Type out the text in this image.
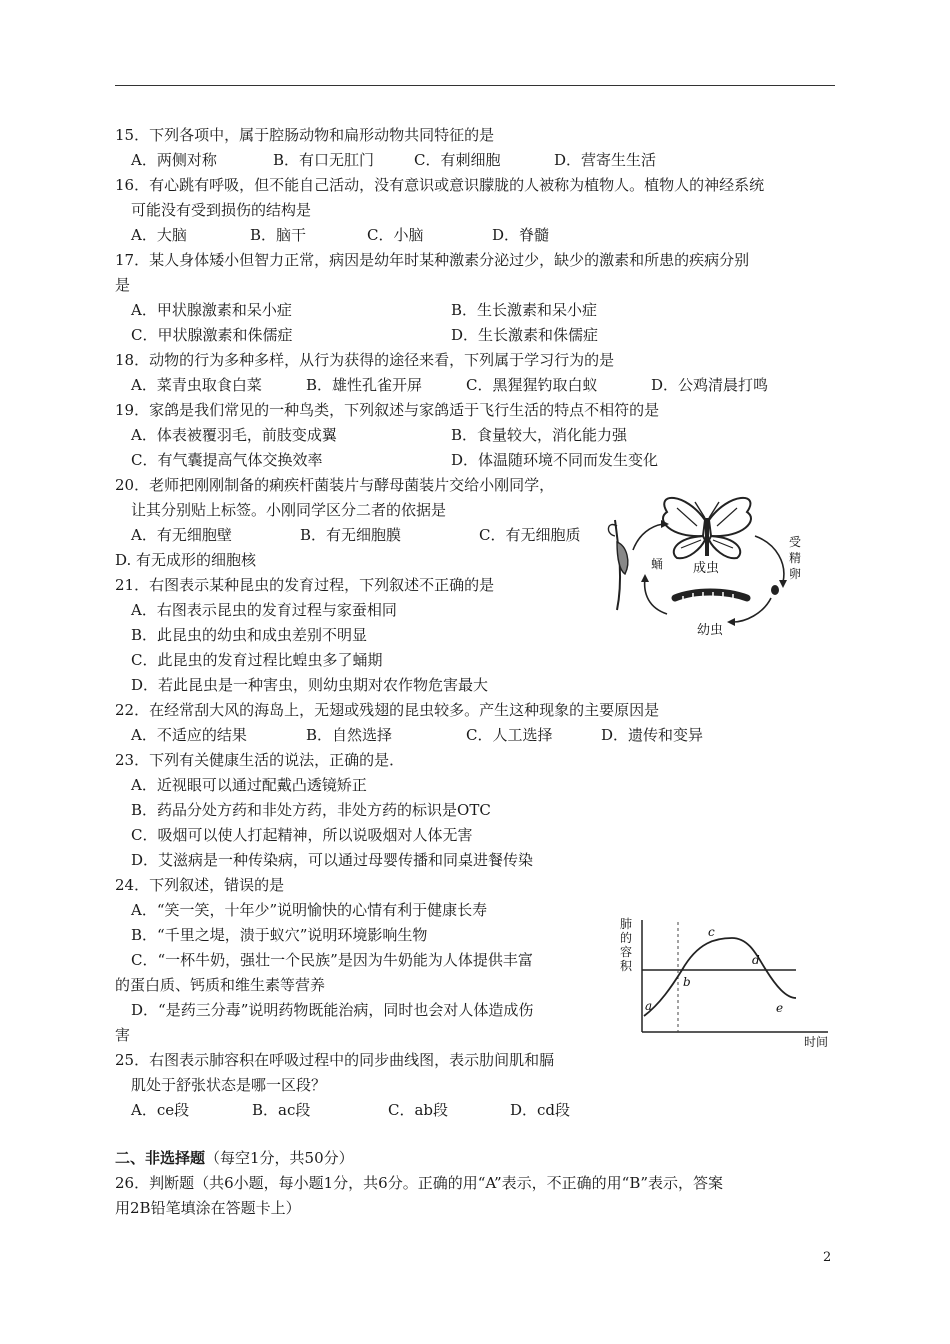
15．下列各项中，属于腔肠动物和扁形动物共同特征的是
A．两侧对称	B．有口无肛门	C．有刺细胞	D．营寄生生活
16．有心跳有呼吸，但不能自己活动，没有意识或意识朦胧的人被称为植物人。植物人的神经系统
可能没有受到损伤的结构是
A．大脑	B．脑干	C．小脑	D．脊髓
17．某人身体矮小但智力正常，病因是幼年时某种激素分泌过少，缺少的激素和所患的疾病分别
是
A．甲状腺激素和呆小症	B．生长激素和呆小症
C．甲状腺激素和侏儒症	D．生长激素和侏儒症
18．动物的行为多种多样，从行为获得的途径来看，下列属于学习行为的是
A．菜青虫取食白菜	B．雄性孔雀开屏	C．黑猩猩钓取白蚁	D．公鸡清晨打鸣
19．家鸽是我们常见的一种鸟类，下列叙述与家鸽适于飞行生活的特点不相符的是
A．体表被覆羽毛，前肢变成翼	B．食量较大，消化能力强
C．有气囊提高气体交换效率	D．体温随环境不同而发生变化
20．老师把刚刚制备的痢疾杆菌装片与酵母菌装片交给小刚同学，
让其分别贴上标签。小刚同学区分二者的依据是
A．有无细胞壁	B．有无细胞膜	C．有无细胞质
D. 有无成形的细胞核
21．右图表示某种昆虫的发育过程，下列叙述不正确的是
A．右图表示昆虫的发育过程与家蚕相同
B．此昆虫的幼虫和成虫差别不明显
C．此昆虫的发育过程比蝗虫多了蛹期
D．若此昆虫是一种害虫，则幼虫期对农作物危害最大
成虫
幼虫
蛹
受精卵
22．在经常刮大风的海岛上，无翅或残翅的昆虫较多。产生这种现象的主要原因是
A．不适应的结果	B．自然选择	C．人工选择	D．遗传和变异
23．下列有关健康生活的说法，正确的是．
A．近视眼可以通过配戴凸透镜矫正
B．药品分处方药和非处方药，非处方药的标识是OTC
C．吸烟可以使人打起精神，所以说吸烟对人体无害
D．艾滋病是一种传染病，可以通过母婴传播和同桌进餐传染
24．下列叙述，错误的是
A．“笑一笑，十年少”说明愉快的心情有利于健康长寿
B．“千里之堤，溃于蚁穴”说明环境影响生物
C．“一杯牛奶，强壮一个民族”是因为牛奶能为人体提供丰富
的蛋白质、钙质和维生素等营养
D．“是药三分毒”说明药物既能治病，同时也会对人体造成伤
害
肺的容积
时间
a
b
c
d
e
25．右图表示肺容积在呼吸过程中的同步曲线图，表示肋间肌和膈
肌处于舒张状态是哪一区段？
A．ce段	B．ac段	C．ab段	D．cd段
二、非选择题（每空1分，共50分）
26．判断题（共6小题，每小题1分，共6分。正确的用“A”表示，不正确的用“B”表示，答案
用2B铅笔填涂在答题卡上）
2
